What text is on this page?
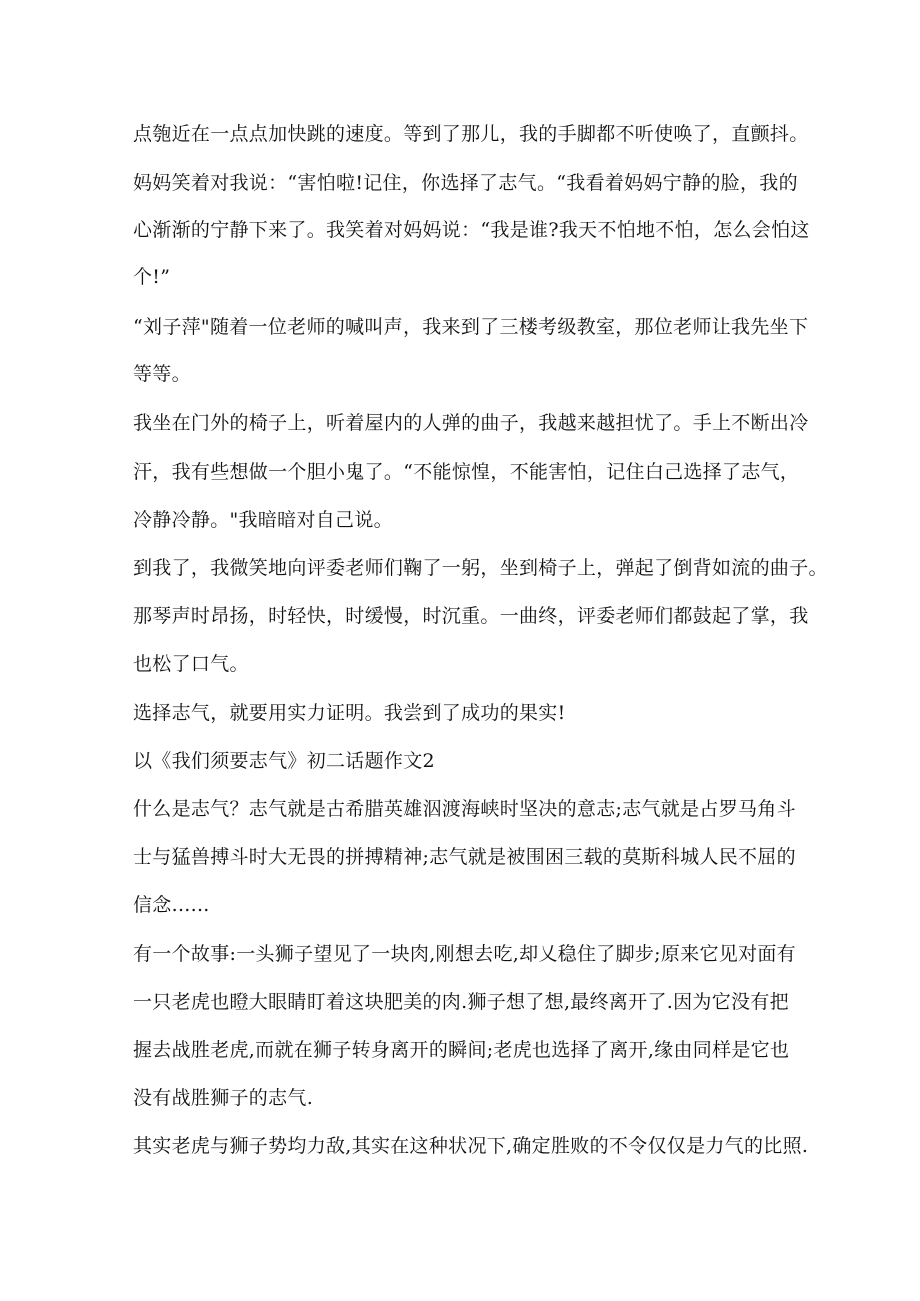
点匏近在一点点加快跳的速度。等到了那儿，我的手脚都不听使唤了，直颤抖。
妈妈笑着对我说：“害怕啦!记住，你选择了志气。“我看着妈妈宁静的脸，我的
心渐渐的宁静下来了。我笑着对妈妈说：“我是谁?我天不怕地不怕，怎么会怕这
个!”
“刘子萍"随着一位老师的喊叫声，我来到了三楼考级教室，那位老师让我先坐下
等等。
我坐在门外的椅子上，听着屋内的人弹的曲子，我越来越担忧了。手上不断出冷
汗，我有些想做一个胆小鬼了。“不能惊惶，不能害怕，记住白己选择了志气，
冷静冷静。"我暗暗对自己说。
到我了，我微笑地向评委老师们鞠了一躬，坐到椅子上，弹起了倒背如流的曲子。
那琴声时昂扬，时轻快，时缓慢，时沉重。一曲终，评委老师们都鼓起了掌，我
也松了口气。
选择志气，就要用实力证明。我尝到了成功的果实!
以《我们须要志气》初二话题作文2
什么是志气？志气就是古希腊英雄泅渡海峡时坚决的意志;志气就是占罗马角斗
士与猛兽搏斗时大无畏的拼搏精神;志气就是被围困三载的莫斯科城人民不屈的
信念......
有一个故事:一头狮子望见了一块肉,刚想去吃,却乂稳住了脚步;原来它见对面有
一只老虎也瞪大眼睛盯着这块肥美的肉.狮子想了想,最终离开了.因为它没有把
握去战胜老虎,而就在狮子转身离开的瞬间;老虎也选择了离开,缘由同样是它也
没有战胜狮子的志气.
其实老虎与狮子势均力敌,其实在这种状况下,确定胜败的不令仅仅是力气的比照.
